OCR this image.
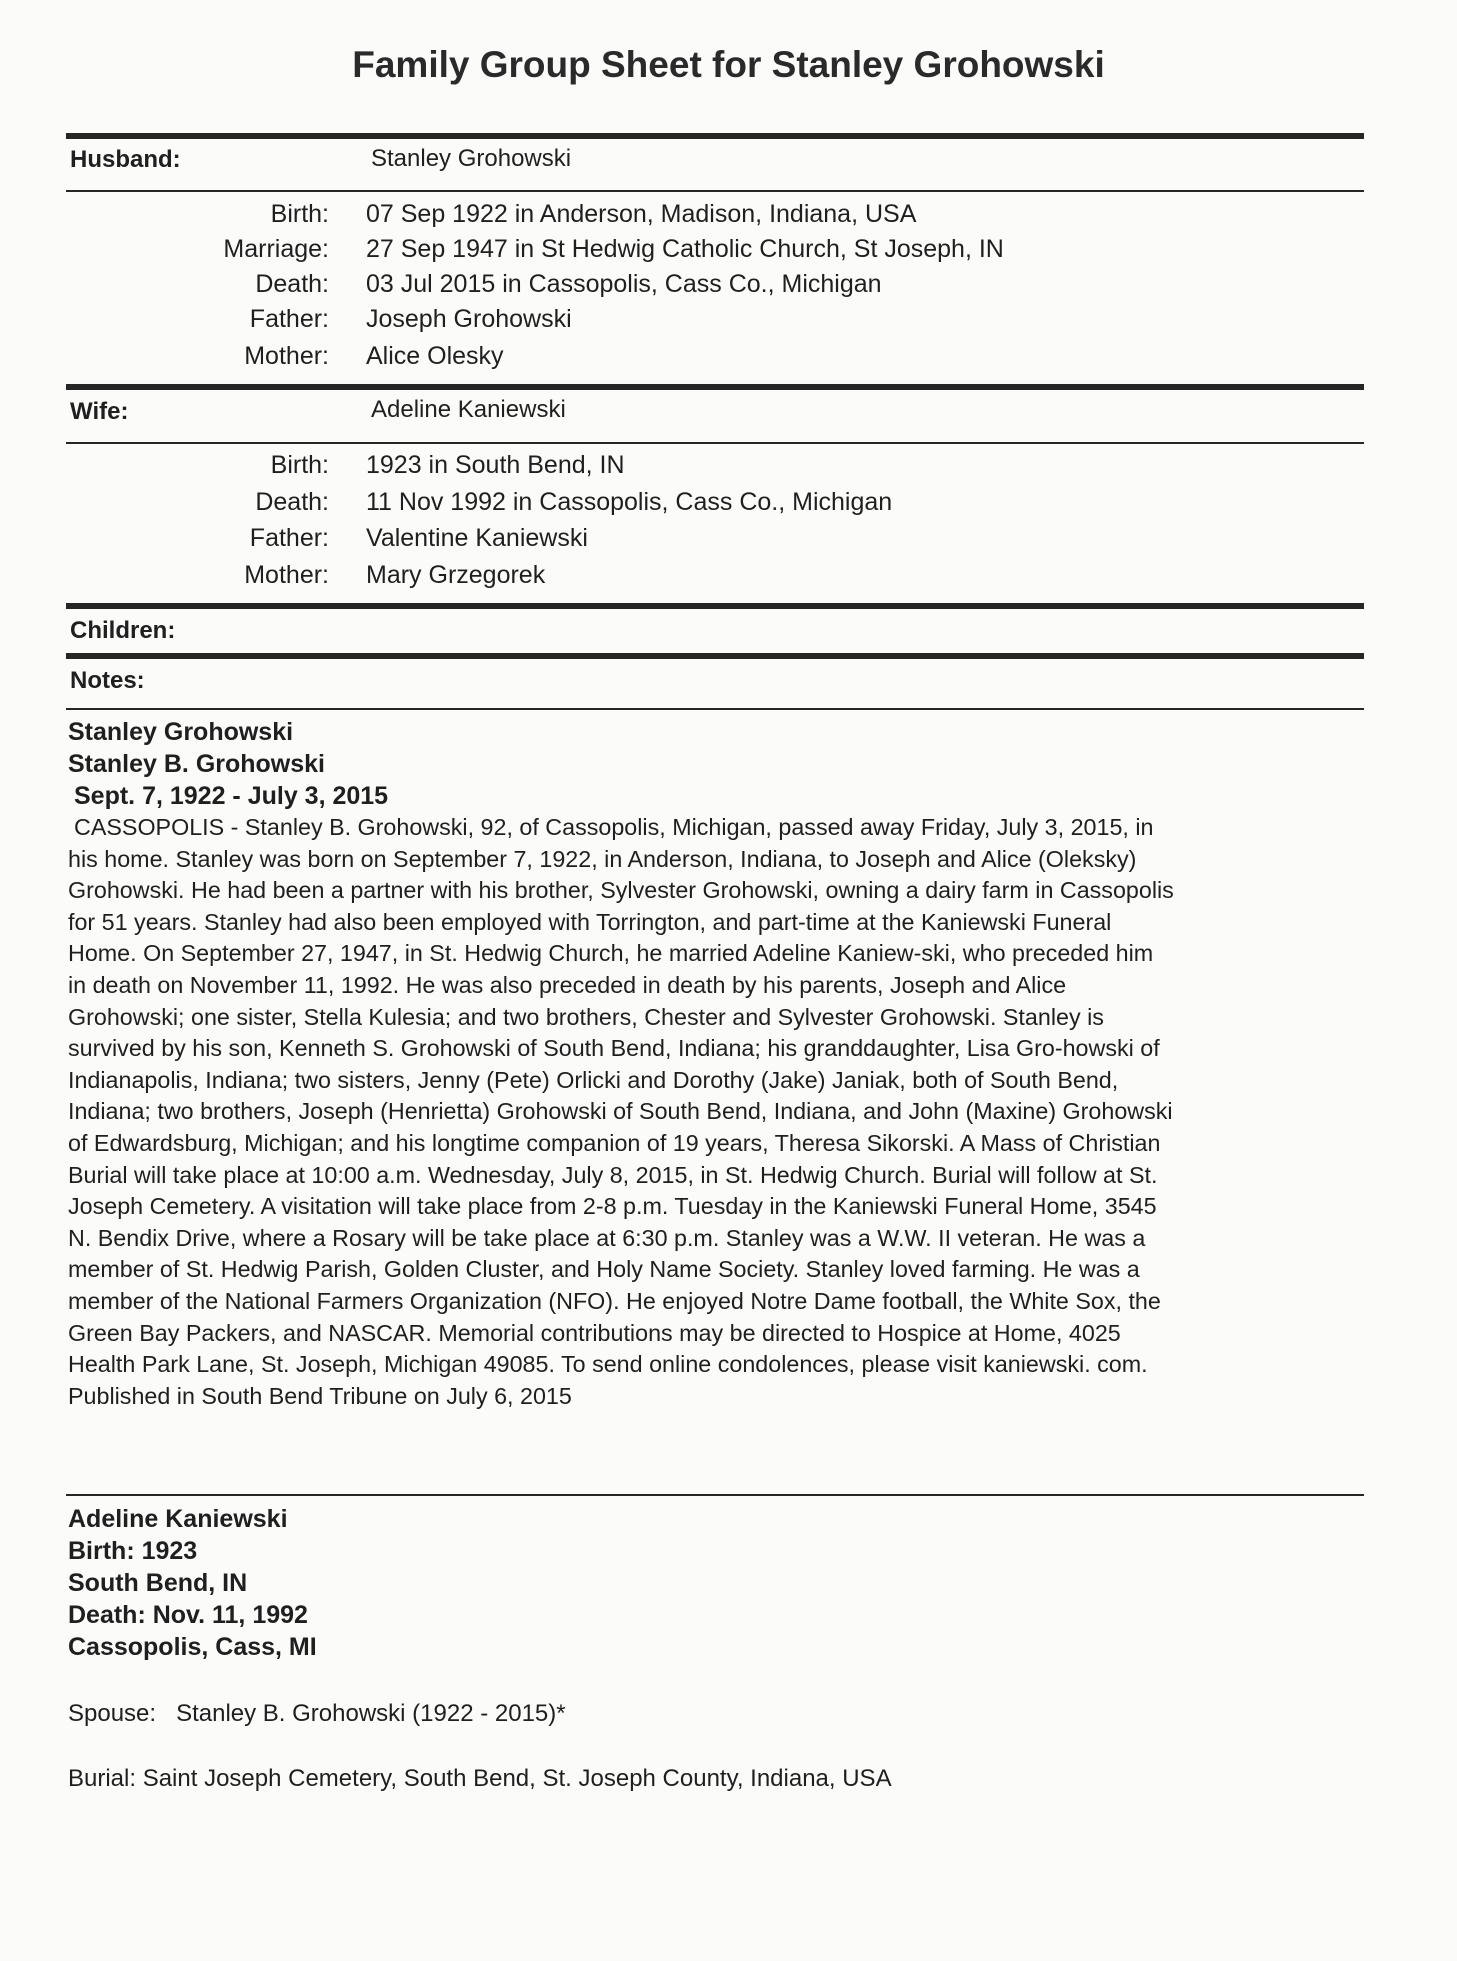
Family Group Sheet for Stanley Grohowski
Husband:	Stanley Grohowski
Birth: 07 Sep 1922 in Anderson, Madison, Indiana, USA
Marriage: 27 Sep 1947 in St Hedwig Catholic Church, St Joseph, IN
Death: 03 Jul 2015 in Cassopolis, Cass Co., Michigan
Father: Joseph Grohowski
Mother: Alice Olesky
Wife:	Adeline Kaniewski
Birth: 1923 in South Bend, IN
Death: 11 Nov 1992 in Cassopolis, Cass Co., Michigan
Father: Valentine Kaniewski
Mother: Mary Grzegorek
Children:
Notes:
Stanley Grohowski
Stanley B. Grohowski
Sept. 7, 1922 - July 3, 2015
CASSOPOLIS - Stanley B. Grohowski, 92, of Cassopolis, Michigan, passed away Friday, July 3, 2015, in
his home. Stanley was born on September 7, 1922, in Anderson, Indiana, to Joseph and Alice (Oleksky)
Grohowski. He had been a partner with his brother, Sylvester Grohowski, owning a dairy farm in Cassopolis
for 51 years. Stanley had also been employed with Torrington, and part-time at the Kaniewski Funeral
Home. On September 27, 1947, in St. Hedwig Church, he married Adeline Kaniew-ski, who preceded him
in death on November 11, 1992. He was also preceded in death by his parents, Joseph and Alice
Grohowski; one sister, Stella Kulesia; and two brothers, Chester and Sylvester Grohowski. Stanley is
survived by his son, Kenneth S. Grohowski of South Bend, Indiana; his granddaughter, Lisa Gro-howski of
Indianapolis, Indiana; two sisters, Jenny (Pete) Orlicki and Dorothy (Jake) Janiak, both of South Bend,
Indiana; two brothers, Joseph (Henrietta) Grohowski of South Bend, Indiana, and John (Maxine) Grohowski
of Edwardsburg, Michigan; and his longtime companion of 19 years, Theresa Sikorski. A Mass of Christian
Burial will take place at 10:00 a.m. Wednesday, July 8, 2015, in St. Hedwig Church. Burial will follow at St.
Joseph Cemetery. A visitation will take place from 2-8 p.m. Tuesday in the Kaniewski Funeral Home, 3545
N. Bendix Drive, where a Rosary will be take place at 6:30 p.m. Stanley was a W.W. II veteran. He was a
member of St. Hedwig Parish, Golden Cluster, and Holy Name Society. Stanley loved farming. He was a
member of the National Farmers Organization (NFO). He enjoyed Notre Dame football, the White Sox, the
Green Bay Packers, and NASCAR. Memorial contributions may be directed to Hospice at Home, 4025
Health Park Lane, St. Joseph, Michigan 49085. To send online condolences, please visit kaniewski. com.
Published in South Bend Tribune on July 6, 2015
Adeline Kaniewski
Birth: 1923
South Bend, IN
Death: Nov. 11, 1992
Cassopolis, Cass, MI
Spouse:   Stanley B. Grohowski (1922 - 2015)*
Burial: Saint Joseph Cemetery, South Bend, St. Joseph County, Indiana, USA
